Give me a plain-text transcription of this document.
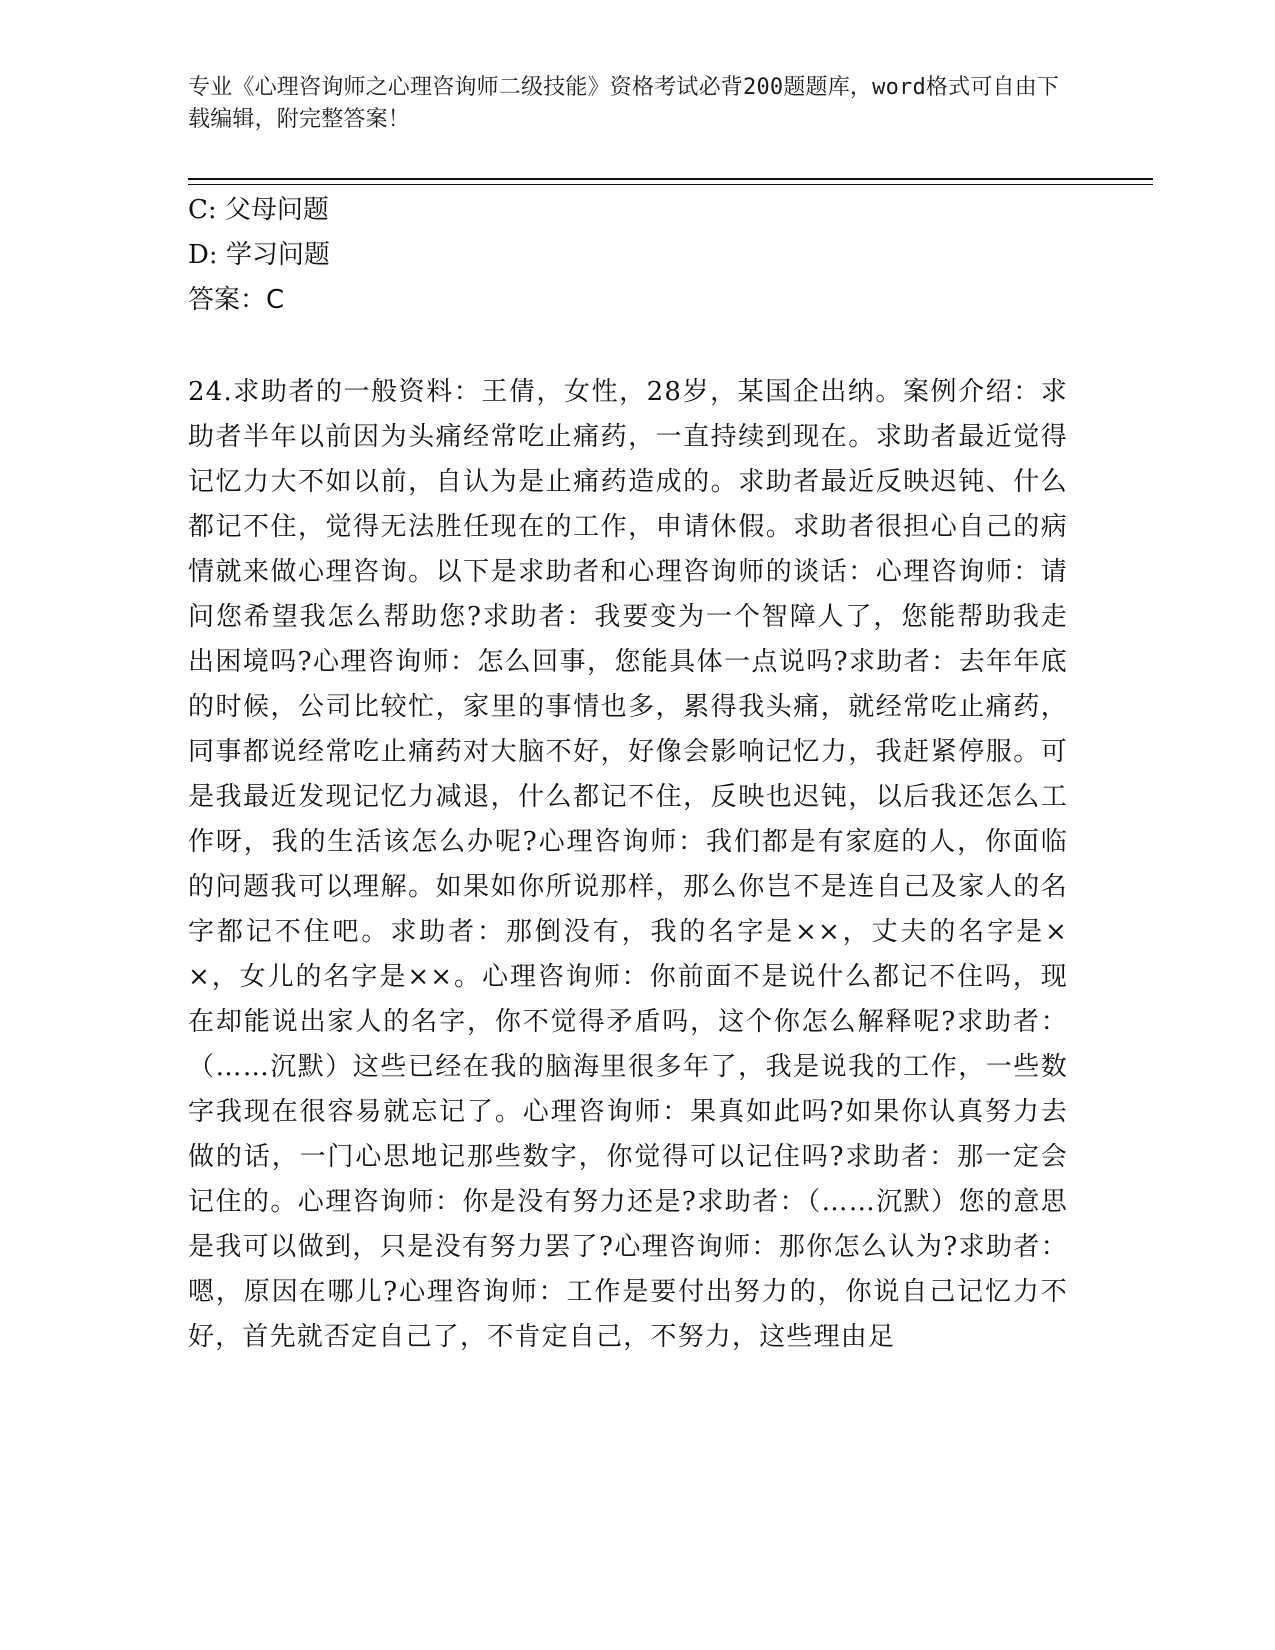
专业《心理咨询师之心理咨询师二级技能》资格考试必背200题题库，word格式可自由下载编辑，附完整答案！
C: 父母问题
D: 学习问题
答案：C
24.求助者的一般资料：王倩，女性，28岁，某国企出纳。案例介绍：求助者半年以前因为头痛经常吃止痛药，一直持续到现在。求助者最近觉得记忆力大不如以前，自认为是止痛药造成的。求助者最近反映迟钝、什么都记不住，觉得无法胜任现在的工作，申请休假。求助者很担心自己的病情就来做心理咨询。以下是求助者和心理咨询师的谈话：心理咨询师：请问您希望我怎么帮助您?求助者：我要变为一个智障人了，您能帮助我走出困境吗?心理咨询师：怎么回事，您能具体一点说吗?求助者：去年年底的时候，公司比较忙，家里的事情也多，累得我头痛，就经常吃止痛药，同事都说经常吃止痛药对大脑不好，好像会影响记忆力，我赶紧停服。可是我最近发现记忆力减退，什么都记不住，反映也迟钝，以后我还怎么工作呀，我的生活该怎么办呢?心理咨询师：我们都是有家庭的人，你面临的问题我可以理解。如果如你所说那样，那么你岂不是连自己及家人的名字都记不住吧。求助者：那倒没有，我的名字是××，丈夫的名字是××，女儿的名字是××。心理咨询师：你前面不是说什么都记不住吗，现在却能说出家人的名字，你不觉得矛盾吗，这个你怎么解释呢?求助者：（……沉默）这些已经在我的脑海里很多年了，我是说我的工作，一些数字我现在很容易就忘记了。心理咨询师：果真如此吗?如果你认真努力去做的话，一门心思地记那些数字，你觉得可以记住吗?求助者：那一定会记住的。心理咨询师：你是没有努力还是?求助者：（……沉默）您的意思是我可以做到，只是没有努力罢了?心理咨询师：那你怎么认为?求助者：嗯，原因在哪儿?心理咨询师：工作是要付出努力的，你说自己记忆力不好，首先就否定自己了，不肯定自己，不努力，这些理由足
